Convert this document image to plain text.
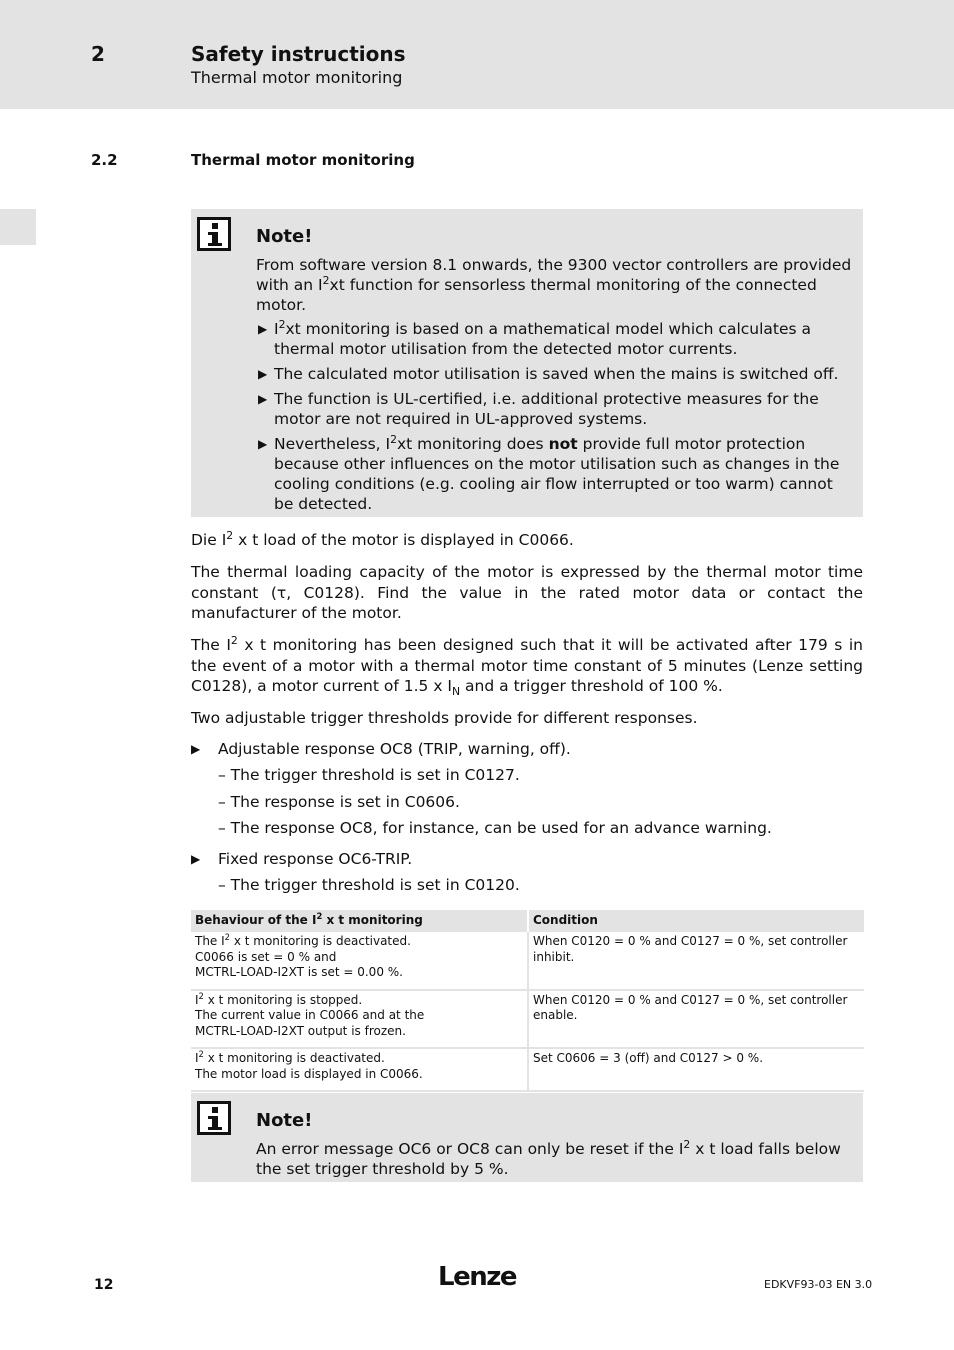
2	Safety instructions
Thermal motor monitoring
2.2	Thermal motor monitoring
Note!

From software version 8.1 onwards, the 9300 vector controllers are provided with an $I^2xt$ function for sensorless thermal monitoring of the connected motor.

▶ $I^2xt$ monitoring is based on a mathematical model which calculates a thermal motor utilisation from the detected motor currents.
▶ The calculated motor utilisation is saved when the mains is switched off.
▶ The function is UL-certified, i.e. additional protective measures for the motor are not required in UL-approved systems.
▶ Nevertheless, $I^2xt$ monitoring does not provide full motor protection because other influences on the motor utilisation such as changes in the cooling conditions (e.g. cooling air flow interrupted or too warm) cannot be detected.

Die $I^2$ x t load of the motor is displayed in C0066.

The thermal loading capacity of the motor is expressed by the thermal motor time constant (τ, C0128). Find the value in the rated motor data or contact the manufacturer of the motor.

The $I^2$ x t monitoring has been designed such that it will be activated after 179 s in the event of a motor with a thermal motor time constant of 5 minutes (Lenze setting C0128), a motor current of 1.5 x $I_N$ and a trigger threshold of 100 %.

Two adjustable trigger thresholds provide for different responses.

▶ Adjustable response OC8 (TRIP, warning, off).
– The trigger threshold is set in C0127.
– The response is set in C0606.
– The response OC8, for instance, can be used for an advance warning.
▶ Fixed response OC6-TRIP.
– The trigger threshold is set in C0120.
Behaviour of the $I^2$ x t monitoring	Condition
The $I^2$ x t monitoring is deactivated.
C0066 is set = 0 % and
MCTRL-LOAD-I2XT is set = 0.00 %.	When C0120 = 0 % and C0127 = 0 %, set controller inhibit.
$I^2$ x t monitoring is stopped.
The current value in C0066 and at the
MCTRL-LOAD-I2XT output is frozen.	When C0120 = 0 % and C0127 = 0 %, set controller enable.
$I^2$ x t monitoring is deactivated.
The motor load is displayed in C0066.	Set C0606 = 3 (off) and C0127 > 0 %.
Note!

An error message OC6 or OC8 can only be reset if the $I^2$ x t load falls below the set trigger threshold by 5 %.

12	Lenze	EDKVF93-03 EN 3.0
